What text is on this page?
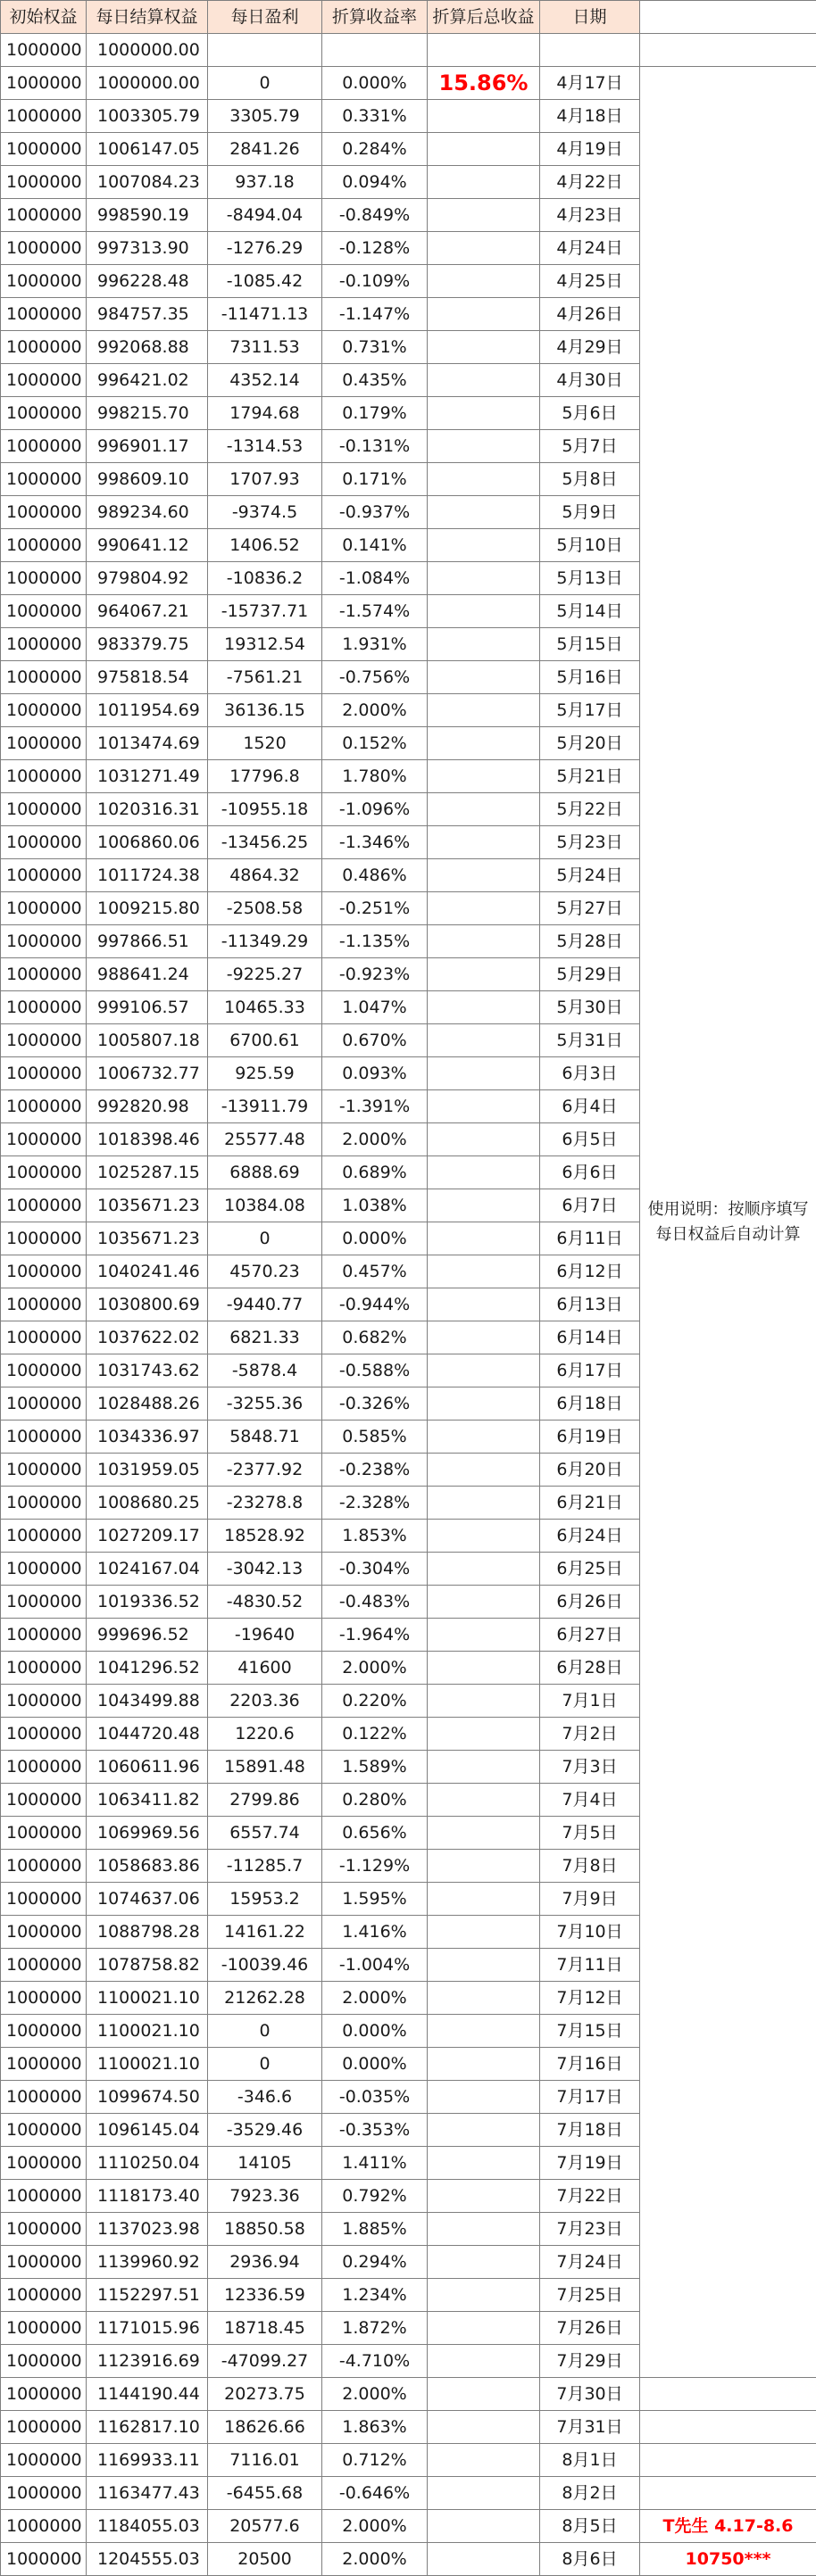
初始权益	每日结算权益	每日盈利	折算收益率	折算后总收益	日期	
1000000	1000000.00					
1000000	1000000.00	0	0.000%	15.86%	4月17日	使用说明：按顺序填写
每日权益后自动计算

1000000	1003305.79	3305.79	0.331%		4月18日	
1000000	1006147.05	2841.26	0.284%		4月19日	
1000000	1007084.23	937.18	0.094%		4月22日	
1000000	998590.19	-8494.04	-0.849%		4月23日	
1000000	997313.90	-1276.29	-0.128%		4月24日	
1000000	996228.48	-1085.42	-0.109%		4月25日	
1000000	984757.35	-11471.13	-1.147%		4月26日	
1000000	992068.88	7311.53	0.731%		4月29日	
1000000	996421.02	4352.14	0.435%		4月30日	
1000000	998215.70	1794.68	0.179%		5月6日	
1000000	996901.17	-1314.53	-0.131%		5月7日	
1000000	998609.10	1707.93	0.171%		5月8日	
1000000	989234.60	-9374.5	-0.937%		5月9日	
1000000	990641.12	1406.52	0.141%		5月10日	
1000000	979804.92	-10836.2	-1.084%		5月13日	
1000000	964067.21	-15737.71	-1.574%		5月14日	
1000000	983379.75	19312.54	1.931%		5月15日	
1000000	975818.54	-7561.21	-0.756%		5月16日	
1000000	1011954.69	36136.15	2.000%		5月17日	
1000000	1013474.69	1520	0.152%		5月20日	
1000000	1031271.49	17796.8	1.780%		5月21日	
1000000	1020316.31	-10955.18	-1.096%		5月22日	
1000000	1006860.06	-13456.25	-1.346%		5月23日	
1000000	1011724.38	4864.32	0.486%		5月24日	
1000000	1009215.80	-2508.58	-0.251%		5月27日	
1000000	997866.51	-11349.29	-1.135%		5月28日	
1000000	988641.24	-9225.27	-0.923%		5月29日	
1000000	999106.57	10465.33	1.047%		5月30日	
1000000	1005807.18	6700.61	0.670%		5月31日	
1000000	1006732.77	925.59	0.093%		6月3日	
1000000	992820.98	-13911.79	-1.391%		6月4日	
1000000	1018398.46	25577.48	2.000%		6月5日	
1000000	1025287.15	6888.69	0.689%		6月6日	
1000000	1035671.23	10384.08	1.038%		6月7日	
1000000	1035671.23	0	0.000%		6月11日	
1000000	1040241.46	4570.23	0.457%		6月12日	
1000000	1030800.69	-9440.77	-0.944%		6月13日	
1000000	1037622.02	6821.33	0.682%		6月14日	
1000000	1031743.62	-5878.4	-0.588%		6月17日	
1000000	1028488.26	-3255.36	-0.326%		6月18日	
1000000	1034336.97	5848.71	0.585%		6月19日	
1000000	1031959.05	-2377.92	-0.238%		6月20日	
1000000	1008680.25	-23278.8	-2.328%		6月21日	
1000000	1027209.17	18528.92	1.853%		6月24日	
1000000	1024167.04	-3042.13	-0.304%		6月25日	
1000000	1019336.52	-4830.52	-0.483%		6月26日	
1000000	999696.52	-19640	-1.964%		6月27日	
1000000	1041296.52	41600	2.000%		6月28日	
1000000	1043499.88	2203.36	0.220%		7月1日	
1000000	1044720.48	1220.6	0.122%		7月2日	
1000000	1060611.96	15891.48	1.589%		7月3日	
1000000	1063411.82	2799.86	0.280%		7月4日	
1000000	1069969.56	6557.74	0.656%		7月5日	
1000000	1058683.86	-11285.7	-1.129%		7月8日	
1000000	1074637.06	15953.2	1.595%		7月9日	
1000000	1088798.28	14161.22	1.416%		7月10日	
1000000	1078758.82	-10039.46	-1.004%		7月11日	
1000000	1100021.10	21262.28	2.000%		7月12日	
1000000	1100021.10	0	0.000%		7月15日	
1000000	1100021.10	0	0.000%		7月16日	
1000000	1099674.50	-346.6	-0.035%		7月17日	
1000000	1096145.04	-3529.46	-0.353%		7月18日	
1000000	1110250.04	14105	1.411%		7月19日	
1000000	1118173.40	7923.36	0.792%		7月22日	
1000000	1137023.98	18850.58	1.885%		7月23日	
1000000	1139960.92	2936.94	0.294%		7月24日	
1000000	1152297.51	12336.59	1.234%		7月25日	
1000000	1171015.96	18718.45	1.872%		7月26日	
1000000	1123916.69	-47099.27	-4.710%		7月29日	
1000000	1144190.44	20273.75	2.000%		7月30日	
1000000	1162817.10	18626.66	1.863%		7月31日	
1000000	1169933.11	7116.01	0.712%		8月1日	
1000000	1163477.43	-6455.68	-0.646%		8月2日	
1000000	1184055.03	20577.6	2.000%		8月5日	T先生 4.17-8.6
1000000	1204555.03	20500	2.000%		8月6日	10750***
